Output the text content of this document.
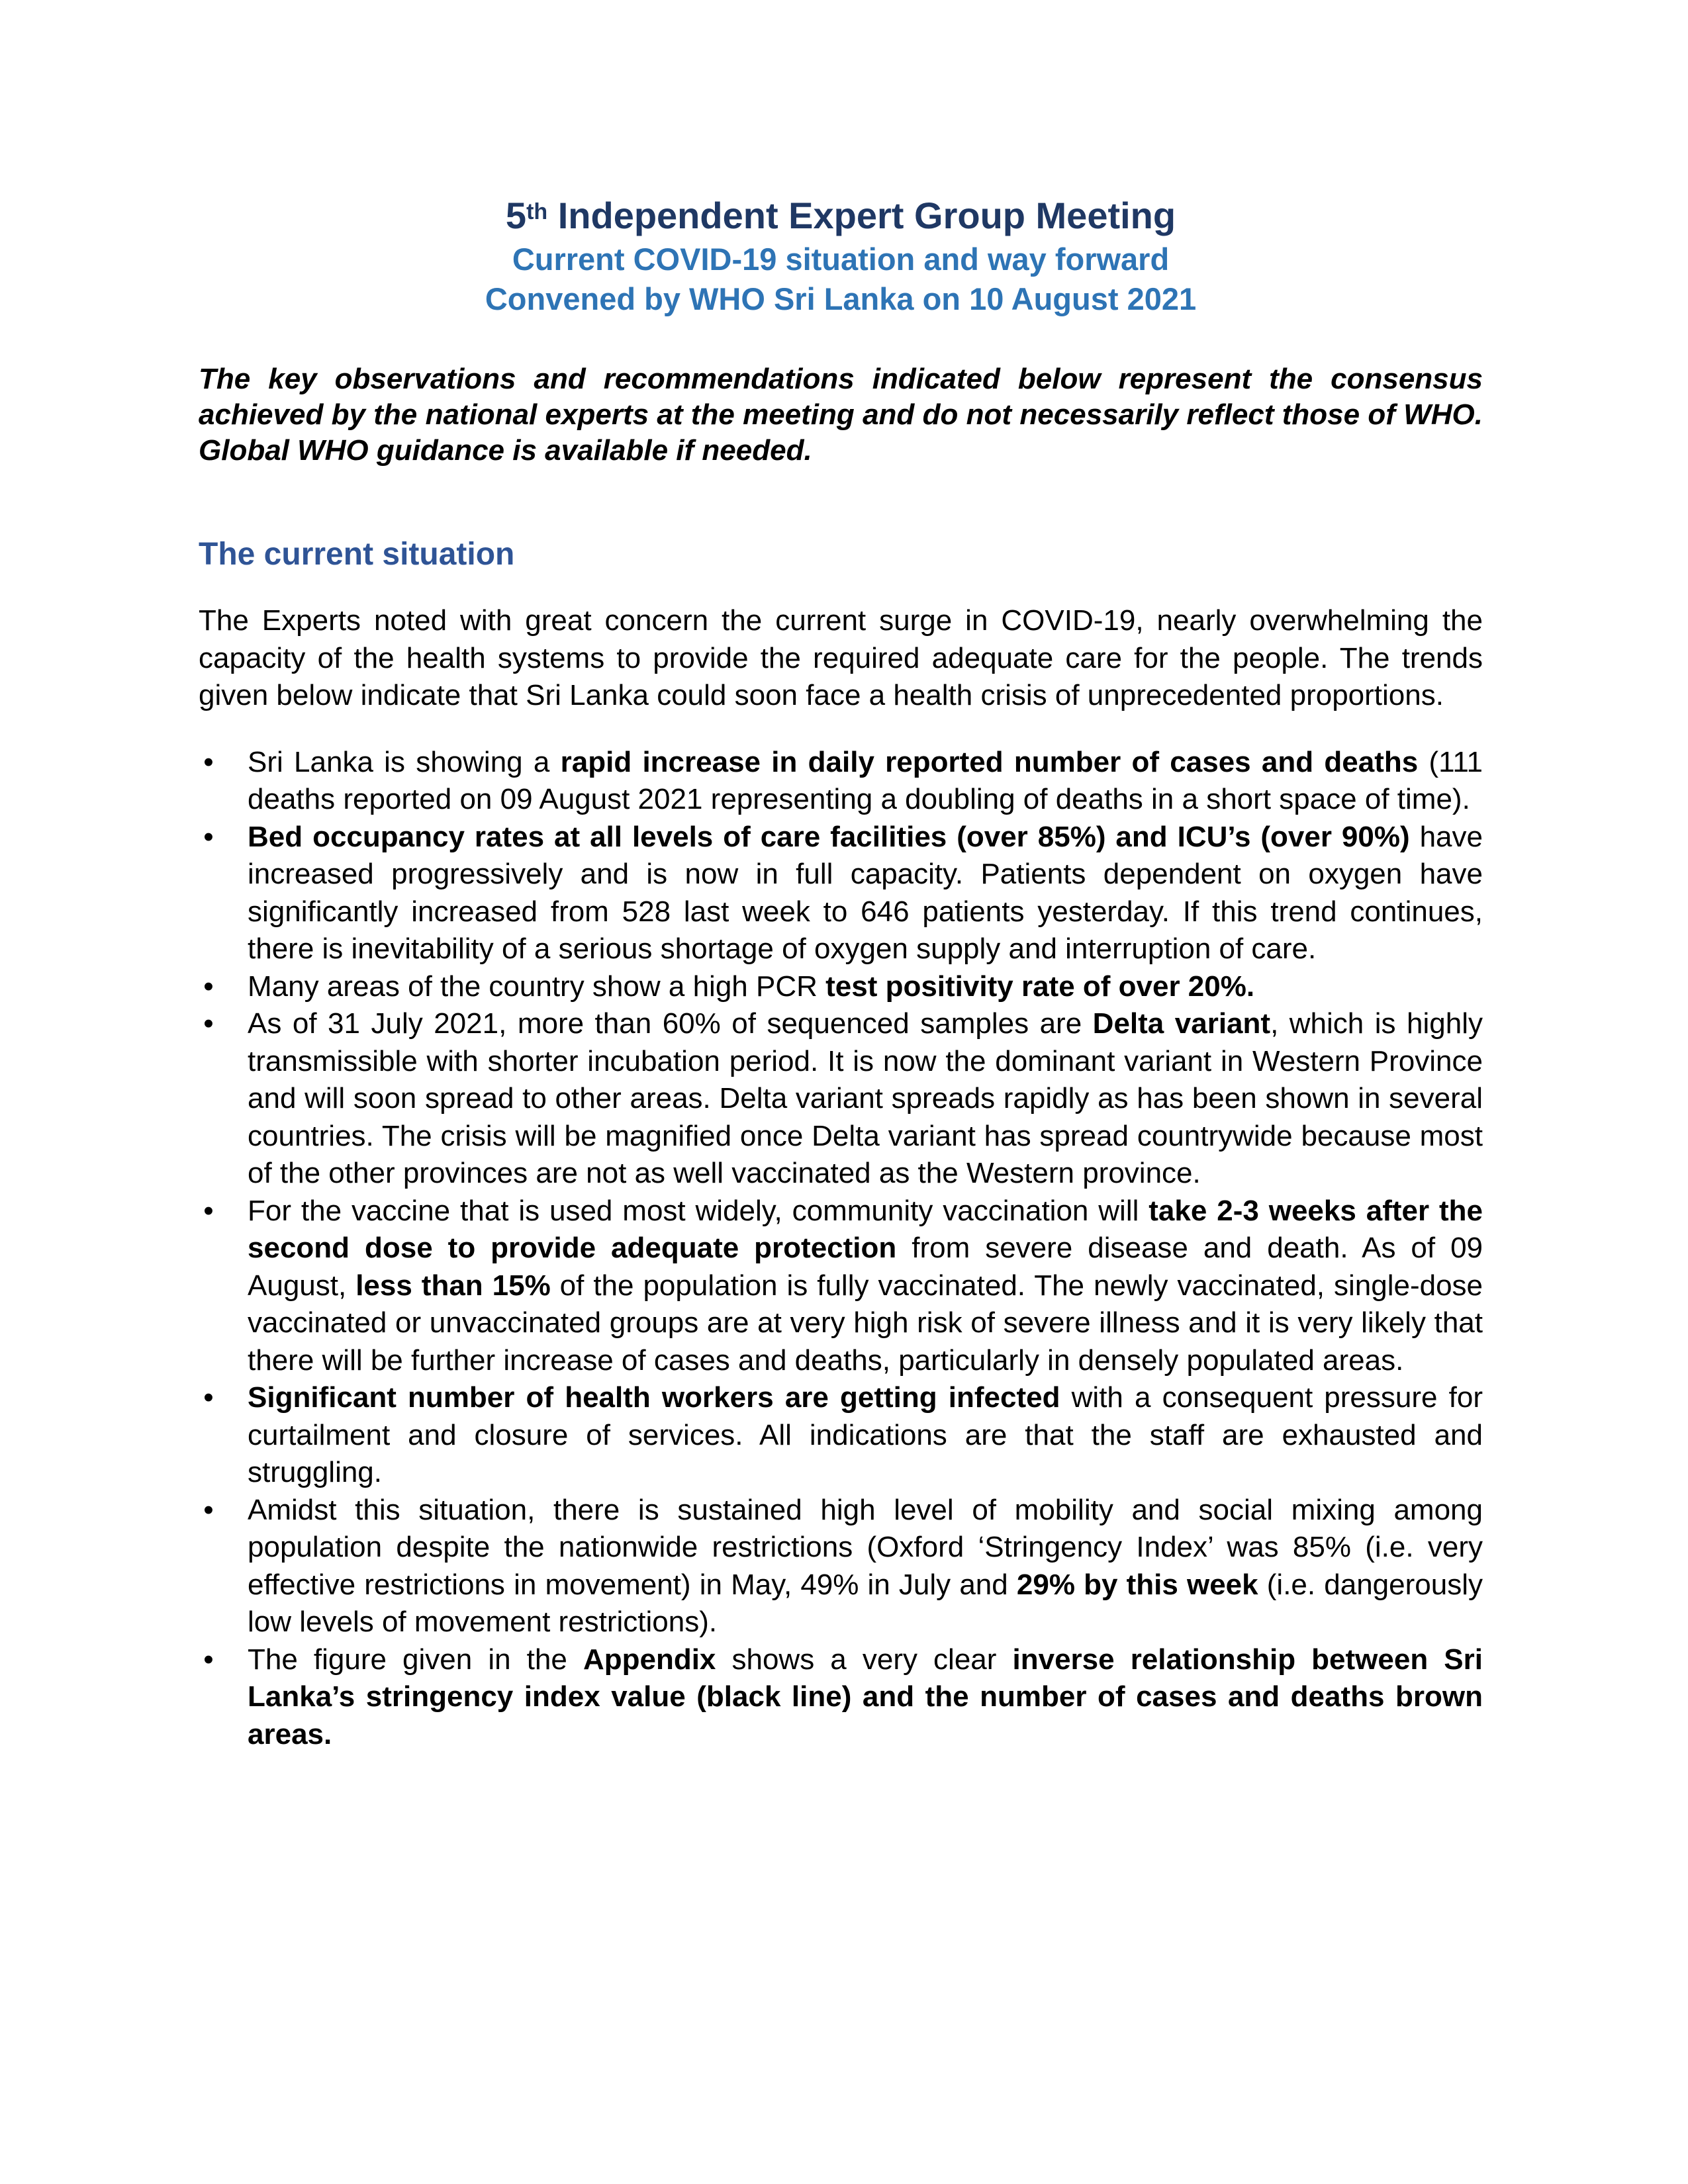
5th Independent Expert Group Meeting

Current COVID-19 situation and way forward

Convened by WHO Sri Lanka on 10 August 2021

The key observations and recommendations indicated below represent the consensus achieved by the national experts at the meeting and do not necessarily reflect those of WHO. Global WHO guidance is available if needed.

The current situation

The Experts noted with great concern the current surge in COVID-19, nearly overwhelming the capacity of the health systems to provide the required adequate care for the people. The trends given below indicate that Sri Lanka could soon face a health crisis of unprecedented proportions.

• Sri Lanka is showing a rapid increase in daily reported number of cases and deaths (111 deaths reported on 09 August 2021 representing a doubling of deaths in a short space of time).
• Bed occupancy rates at all levels of care facilities (over 85%) and ICU’s (over 90%) have increased progressively and is now in full capacity. Patients dependent on oxygen have significantly increased from 528 last week to 646 patients yesterday. If this trend continues, there is inevitability of a serious shortage of oxygen supply and interruption of care.
• Many areas of the country show a high PCR test positivity rate of over 20%.
• As of 31 July 2021, more than 60% of sequenced samples are Delta variant, which is highly transmissible with shorter incubation period. It is now the dominant variant in Western Province and will soon spread to other areas. Delta variant spreads rapidly as has been shown in several countries. The crisis will be magnified once Delta variant has spread countrywide because most of the other provinces are not as well vaccinated as the Western province.
• For the vaccine that is used most widely, community vaccination will take 2-3 weeks after the second dose to provide adequate protection from severe disease and death. As of 09 August, less than 15% of the population is fully vaccinated. The newly vaccinated, single-dose vaccinated or unvaccinated groups are at very high risk of severe illness and it is very likely that there will be further increase of cases and deaths, particularly in densely populated areas.
• Significant number of health workers are getting infected with a consequent pressure for curtailment and closure of services. All indications are that the staff are exhausted and struggling.
• Amidst this situation, there is sustained high level of mobility and social mixing among population despite the nationwide restrictions (Oxford ‘Stringency Index’ was 85% (i.e. very effective restrictions in movement) in May, 49% in July and 29% by this week (i.e. dangerously low levels of movement restrictions).
• The figure given in the Appendix shows a very clear inverse relationship between Sri Lanka’s stringency index value (black line) and the number of cases and deaths brown areas.
